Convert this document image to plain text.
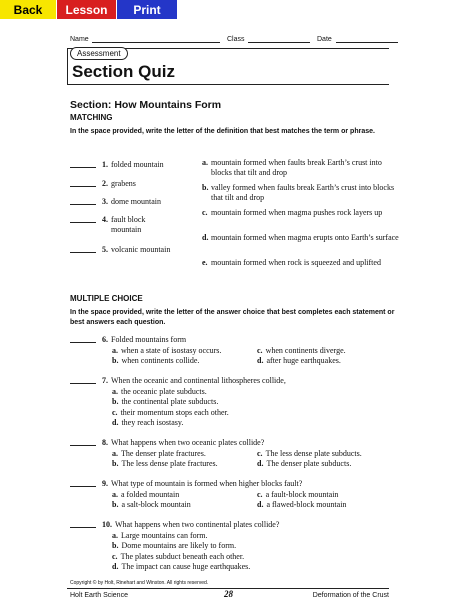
Back	Lesson	Print
Name	Class	Date
Assessment
Section Quiz
Section: How Mountains Form
MATCHING
In the space provided, write the letter of the definition that best matches the term or phrase.
1. folded mountain
2. grabens
3. dome mountain
4. fault block mountain
5. volcanic mountain
a. mountain formed when faults break Earth’s crust into blocks that tilt and drop
b. valley formed when faults break Earth’s crust into blocks that tilt and drop
c. mountain formed when magma pushes rock layers up
d. mountain formed when magma erupts onto Earth’s surface
e. mountain formed when rock is squeezed and uplifted
MULTIPLE CHOICE
In the space provided, write the letter of the answer choice that best completes each statement or best answers each question.
6. Folded mountains form
a. when a state of isostasy occurs.	c. when continents diverge.
b. when continents collide.	d. after huge earthquakes.
7. When the oceanic and continental lithospheres collide,
a. the oceanic plate subducts.
b. the continental plate subducts.
c. their momentum stops each other.
d. they reach isostasy.
8. What happens when two oceanic plates collide?
a. The denser plate fractures.	c. The less dense plate subducts.
b. The less dense plate fractures.	d. The denser plate subducts.
9. What type of mountain is formed when higher blocks fault?
a. a folded mountain	c. a fault-block mountain
b. a salt-block mountain	d. a flawed-block mountain
10. What happens when two continental plates collide?
a. Large mountains can form.
b. Dome mountains are likely to form.
c. The plates subduct beneath each other.
d. The impact can cause huge earthquakes.
Copyright © by Holt, Rinehart and Winston. All rights reserved.
Holt Earth Science	28	Deformation of the Crust
